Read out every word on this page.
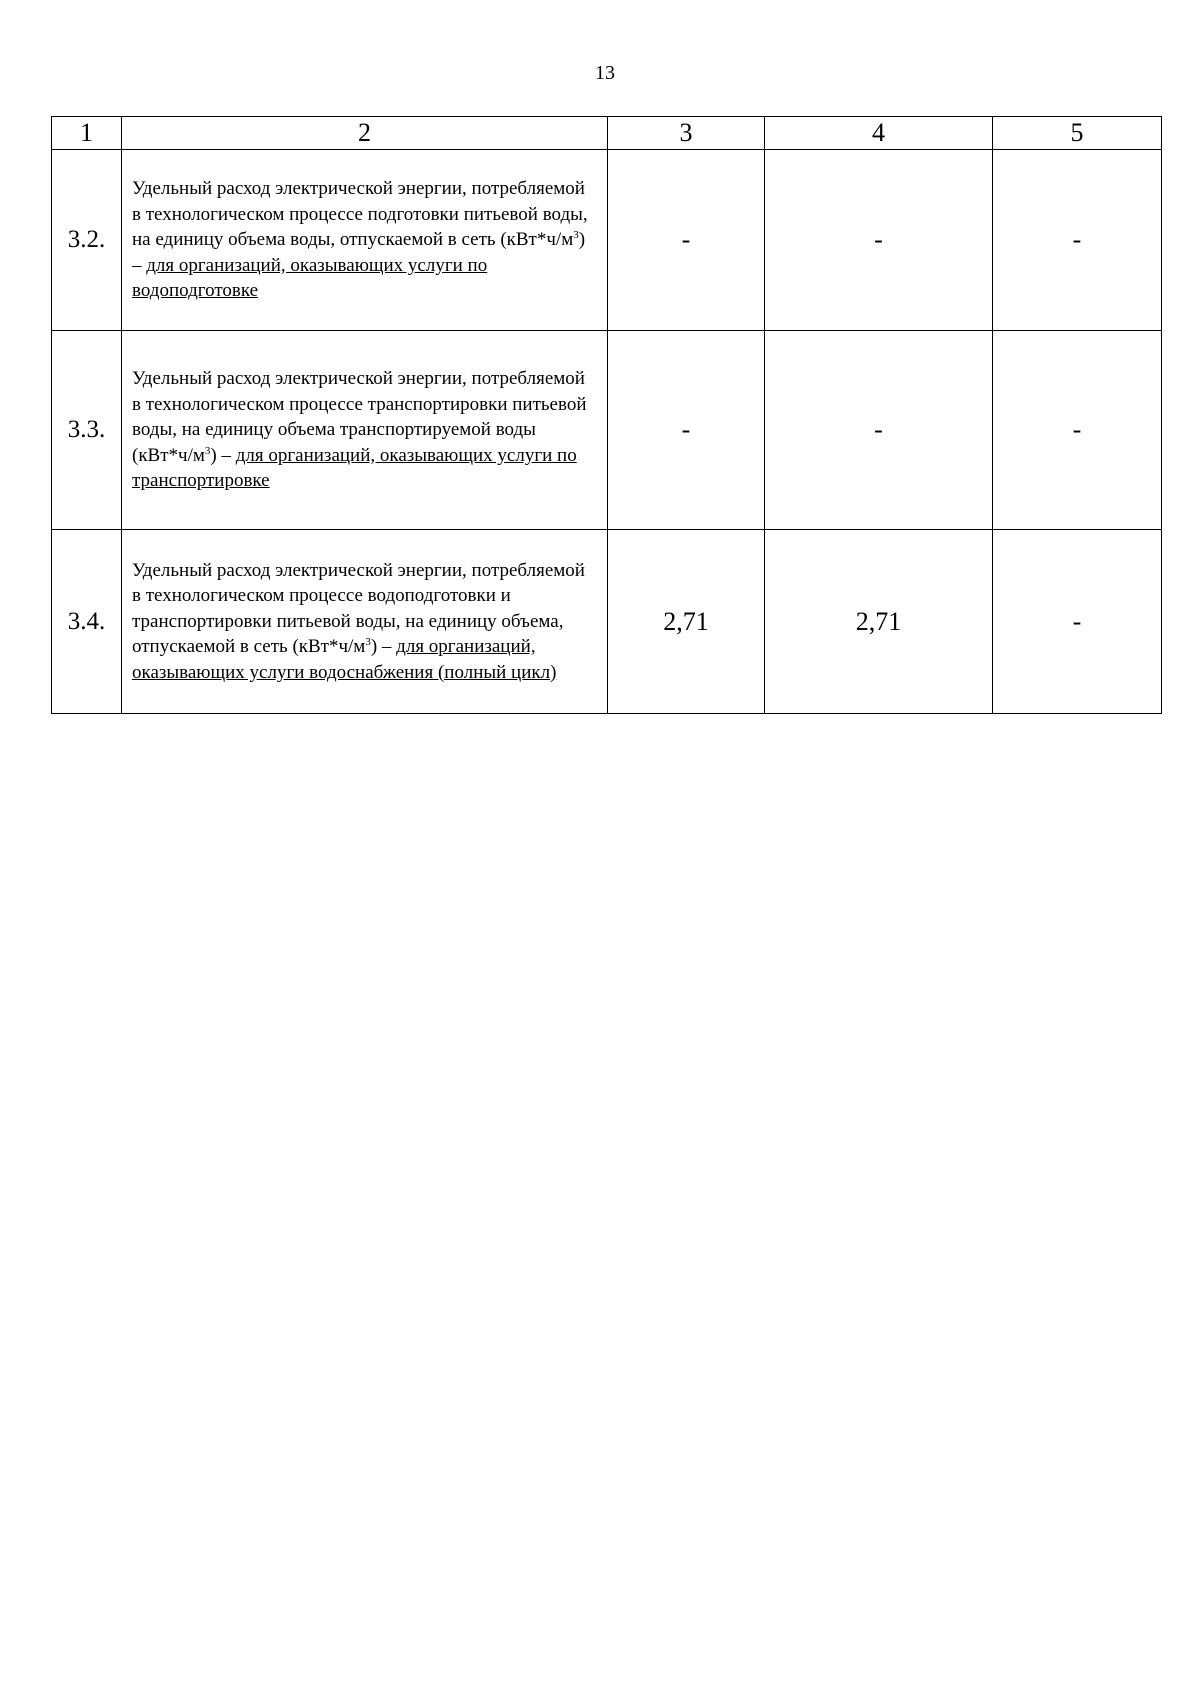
13
1	2	3	4	5
3.2.	Удельный расход электрической энергии, потребляемой в технологическом процессе подготовки питьевой воды, на единицу объема воды, отпускаемой в сеть $(кВт*ч/м^3)$ – для организаций, оказывающих услуги по водоподготовке	-	-	-
3.3.	Удельный расход электрической энергии, потребляемой в технологическом процессе транспортировки питьевой воды, на единицу объема транспортируемой воды $(кВт*ч/м^3)$ – для организаций, оказывающих услуги по транспортировке	-	-	-
3.4.	Удельный расход электрической энергии, потребляемой в технологическом процессе водоподготовки и транспортировки питьевой воды, на единицу объема, отпускаемой в сеть $(кВт*ч/м^3)$ – для организаций, оказывающих услуги водоснабжения (полный цикл)	2,71	2,71	-
